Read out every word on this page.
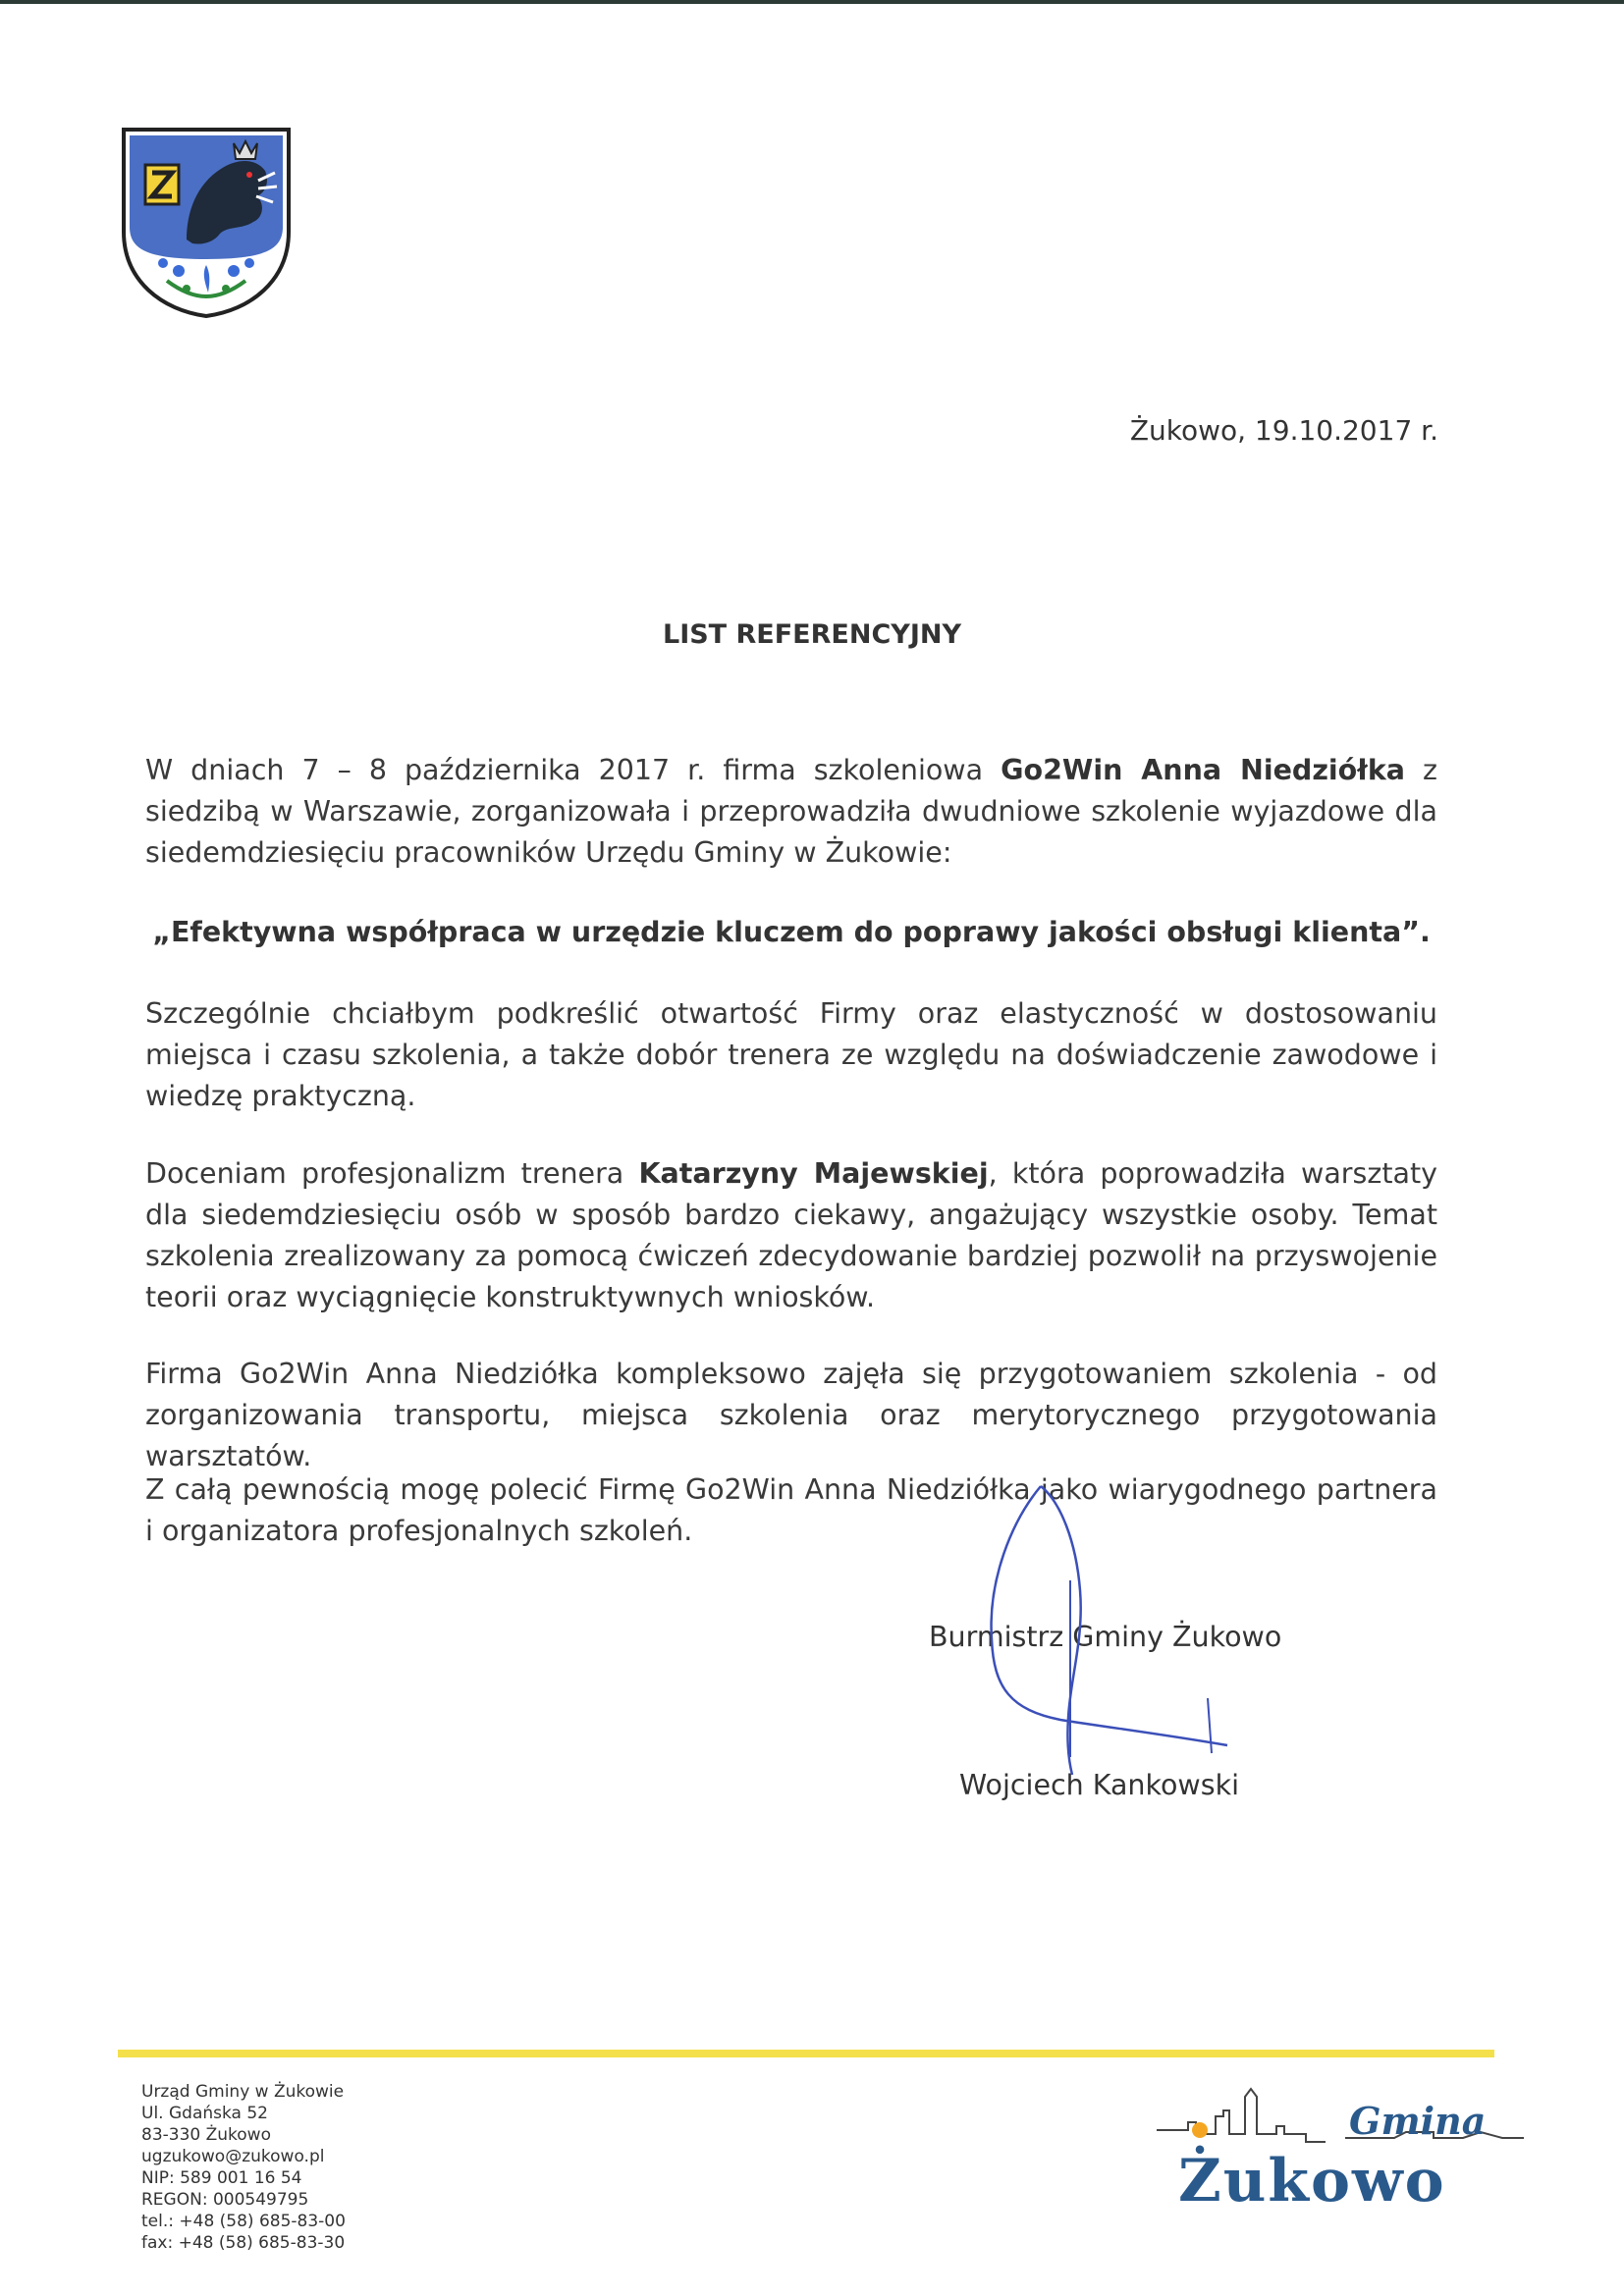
Żukowo, 19.10.2017 r.
LIST REFERENCYJNY
W dniach 7 – 8 października 2017 r. firma szkoleniowa Go2Win Anna Niedziółka z siedzibą w Warszawie, zorganizowała i przeprowadziła dwudniowe szkolenie wyjazdowe dla siedemdziesięciu pracowników Urzędu Gminy w Żukowie:
„Efektywna współpraca w urzędzie kluczem do poprawy jakości obsługi klienta”.
Szczególnie chciałbym podkreślić otwartość Firmy oraz elastyczność w dostosowaniu miejsca i czasu szkolenia, a także dobór trenera ze względu na doświadczenie zawodowe i wiedzę praktyczną.
Doceniam profesjonalizm trenera Katarzyny Majewskiej, która poprowadziła warsztaty dla siedemdziesięciu osób w sposób bardzo ciekawy, angażujący wszystkie osoby. Temat szkolenia zrealizowany za pomocą ćwiczeń zdecydowanie bardziej pozwolił na przyswojenie teorii oraz wyciągnięcie konstruktywnych wniosków.
Firma Go2Win Anna Niedziółka kompleksowo zajęła się przygotowaniem szkolenia - od zorganizowania transportu, miejsca szkolenia oraz merytorycznego przygotowania warsztatów.
Z całą pewnością mogę polecić Firmę Go2Win Anna Niedziółka jako wiarygodnego partnera i organizatora profesjonalnych szkoleń.
Burmistrz Gminy Żukowo
Wojciech Kankowski
Urząd Gminy w Żukowie
Ul. Gdańska 52
83-330 Żukowo
ugzukowo@zukowo.pl
NIP: 589 001 16 54
REGON: 000549795
tel.: +48 (58) 685-83-00
fax: +48 (58) 685-83-30
Gmina
Żukowo
